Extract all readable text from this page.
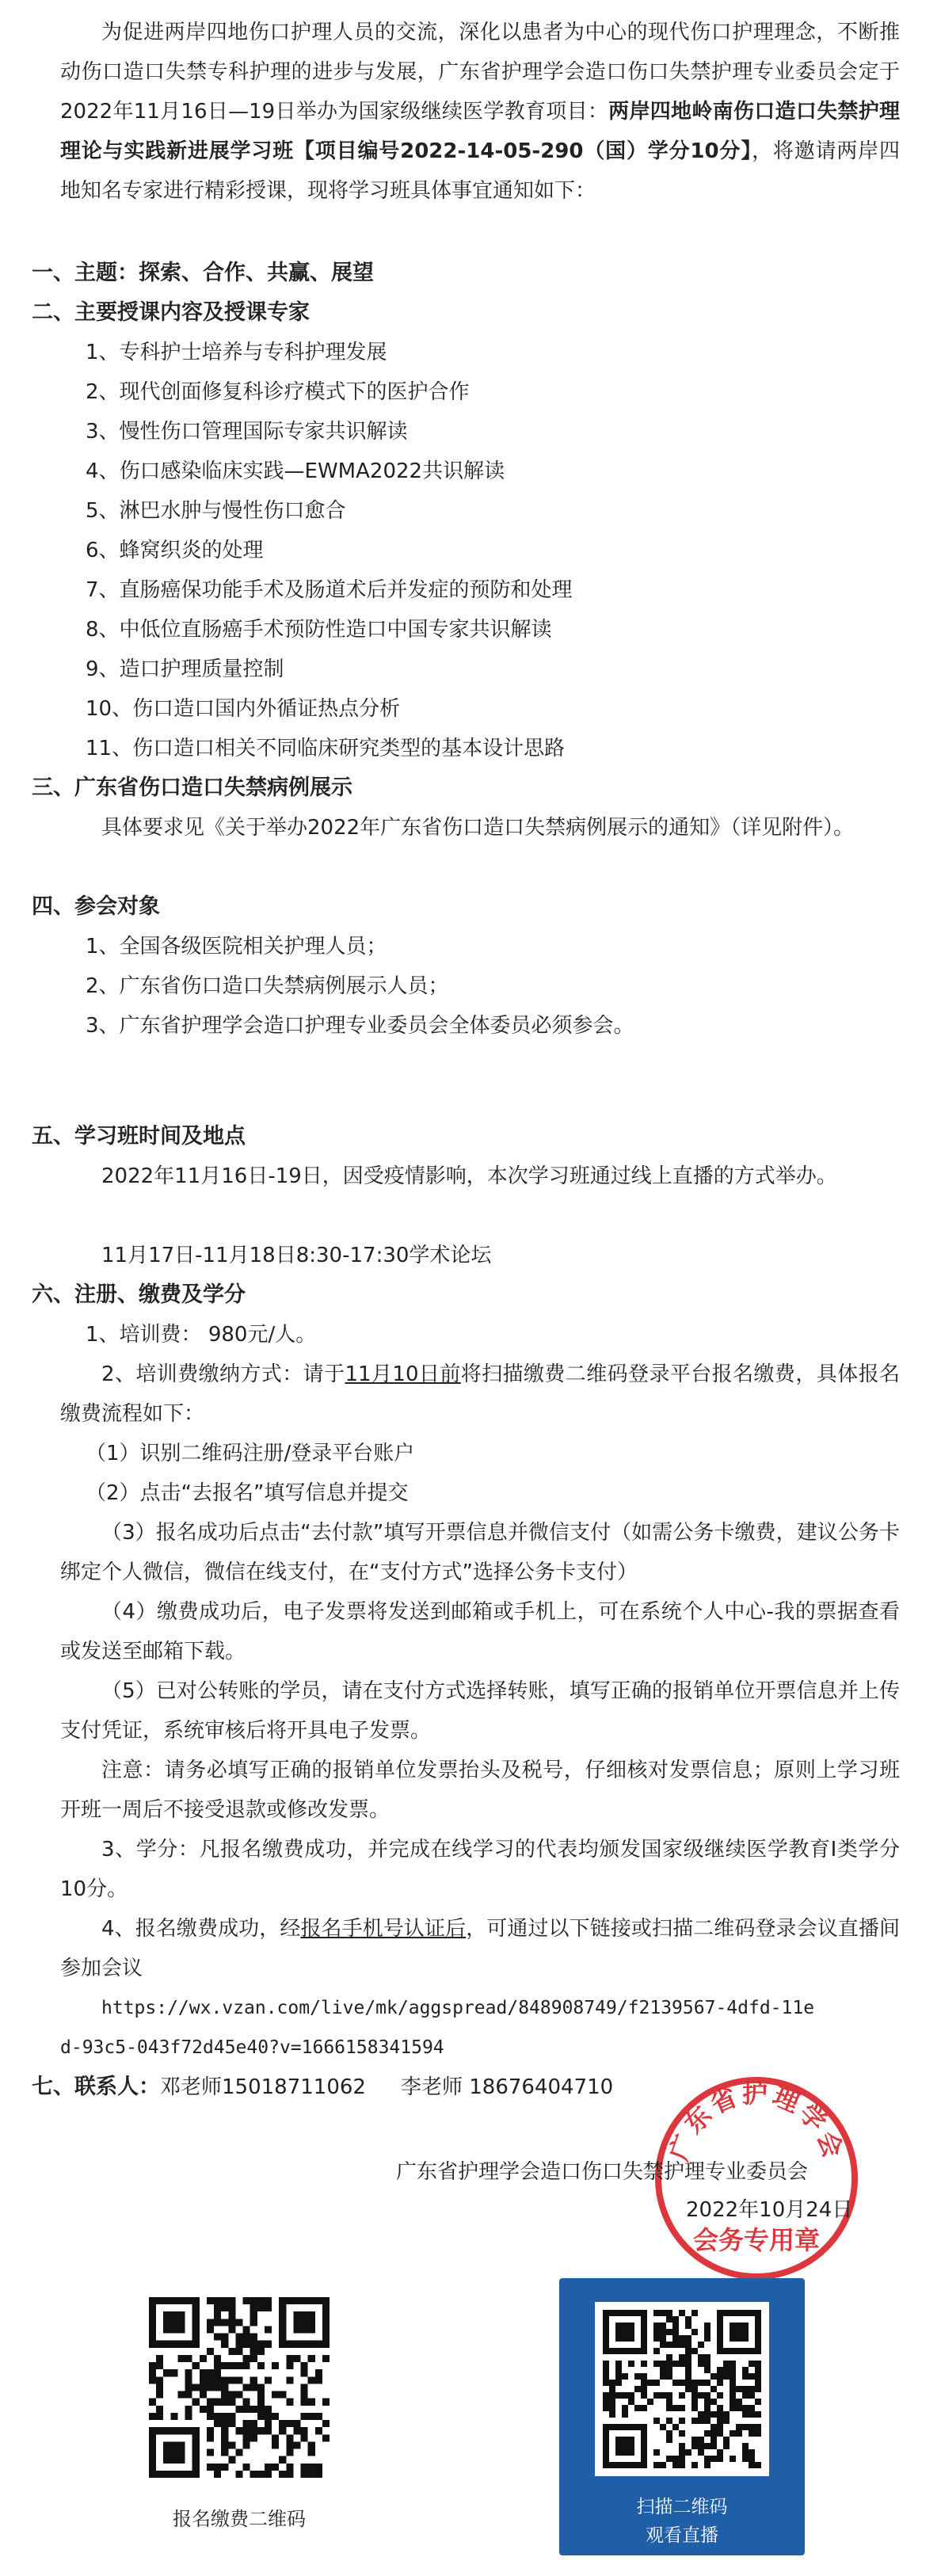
为促进两岸四地伤口护理人员的交流，深化以患者为中心的现代伤口护理理念，不断推动伤口造口失禁专科护理的进步与发展，广东省护理学会造口伤口失禁护理专业委员会定于2022年11月16日—19日举办为国家级继续医学教育项目：两岸四地岭南伤口造口失禁护理理论与实践新进展学习班【项目编号2022-14-05-290（国）学分10分】，将邀请两岸四地知名专家进行精彩授课，现将学习班具体事宜通知如下：

一、主题：探索、合作、共赢、展望

二、主要授课内容及授课专家

1、专科护士培养与专科护理发展

2、现代创面修复科诊疗模式下的医护合作

3、慢性伤口管理国际专家共识解读

4、伤口感染临床实践—EWMA2022共识解读

5、淋巴水肿与慢性伤口愈合

6、蜂窝织炎的处理

7、直肠癌保功能手术及肠道术后并发症的预防和处理

8、中低位直肠癌手术预防性造口中国专家共识解读

9、造口护理质量控制

10、伤口造口国内外循证热点分析

11、伤口造口相关不同临床研究类型的基本设计思路

三、广东省伤口造口失禁病例展示

具体要求见《关于举办2022年广东省伤口造口失禁病例展示的通知》（详见附件）。

四、参会对象

1、全国各级医院相关护理人员；

2、广东省伤口造口失禁病例展示人员；

3、广东省护理学会造口护理专业委员会全体委员必须参会。

五、学习班时间及地点

2022年11月16日-19日，因受疫情影响，本次学习班通过线上直播的方式举办。

11月17日-11月18日8:30-17:30学术论坛

六、注册、缴费及学分

1、培训费： 980元/人。

2、培训费缴纳方式：请于11月10日前将扫描缴费二维码登录平台报名缴费，具体报名缴费流程如下：

（1）识别二维码注册/登录平台账户

（2）点击“去报名”填写信息并提交

（3）报名成功后点击“去付款”填写开票信息并微信支付（如需公务卡缴费，建议公务卡绑定个人微信，微信在线支付，在“支付方式”选择公务卡支付）

（4）缴费成功后，电子发票将发送到邮箱或手机上，可在系统个人中心-我的票据查看或发送至邮箱下载。

（5）已对公转账的学员，请在支付方式选择转账，填写正确的报销单位开票信息并上传支付凭证，系统审核后将开具电子发票。

注意：请务必填写正确的报销单位发票抬头及税号，仔细核对发票信息；原则上学习班开班一周后不接受退款或修改发票。

3、学分：凡报名缴费成功，并完成在线学习的代表均颁发国家级继续医学教育I类学分10分。

4、报名缴费成功，经报名手机号认证后，可通过以下链接或扫描二维码登录会议直播间参加会议

https://wx.vzan.com/live/mk/aggspread/848908749/f2139567-4dfd-11e

d-93c5-043f72d45e40?v=1666158341594

七、联系人：邓老师15018711062 李老师 18676404710

广东省护理学会
会务专用章
广东省护理学会造口伤口失禁护理专业委员会
2022年10月24日
报名缴费二维码
扫描二维码
观看直播
